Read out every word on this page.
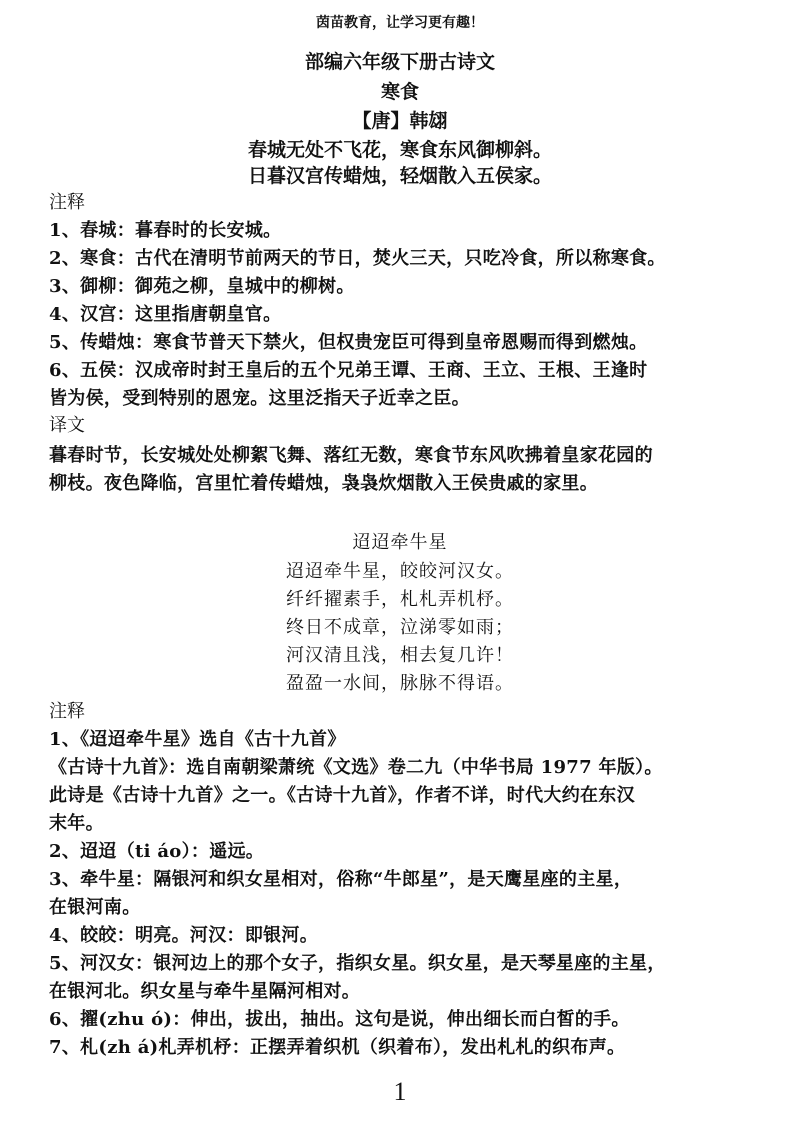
茵苗教育，让学习更有趣！
部编六年级下册古诗文
寒食
【唐】韩翃
春城无处不飞花，寒食东风御柳斜。
日暮汉宫传蜡烛，轻烟散入五侯家。
注释
1、春城：暮春时的长安城。
2、寒食：古代在清明节前两天的节日，焚火三天，只吃冷食，所以称寒食。
3、御柳：御苑之柳，皇城中的柳树。
4、汉宫：这里指唐朝皇官。
5、传蜡烛：寒食节普天下禁火，但权贵宠臣可得到皇帝恩赐而得到燃烛。
6、五侯：汉成帝时封王皇后的五个兄弟王谭、王商、王立、王根、王逢时
皆为侯，受到特别的恩宠。这里泛指天子近幸之臣。
译文
暮春时节，长安城处处柳絮飞舞、落红无数，寒食节东风吹拂着皇家花园的
柳枝。夜色降临，宫里忙着传蜡烛，袅袅炊烟散入王侯贵戚的家里。
迢迢牵牛星
迢迢牵牛星，皎皎河汉女。
纤纤擢素手，札札弄机杼。
终日不成章，泣涕零如雨；
河汉清且浅，相去复几许！
盈盈一水间，脉脉不得语。
注释
1、《迢迢牵牛星》选自《古十九首》
《古诗十九首》：选自南朝梁萧统《文选》卷二九（中华书局 1977 年版）。
此诗是《古诗十九首》之一。《古诗十九首》，作者不详，时代大约在东汉
末年。
2、迢迢（ti áo）：遥远。
3、牵牛星：隔银河和织女星相对，俗称“牛郎星”，是天鹰星座的主星，
在银河南。
4、皎皎：明亮。河汉：即银河。
5、河汉女：银河边上的那个女子，指织女星。织女星，是天琴星座的主星，
在银河北。织女星与牵牛星隔河相对。
6、擢(zhu ó)：伸出，拔出，抽出。这句是说，伸出细长而白皙的手。
7、札(zh á)札弄机杼：正摆弄着织机（织着布），发出札札的织布声。
1
